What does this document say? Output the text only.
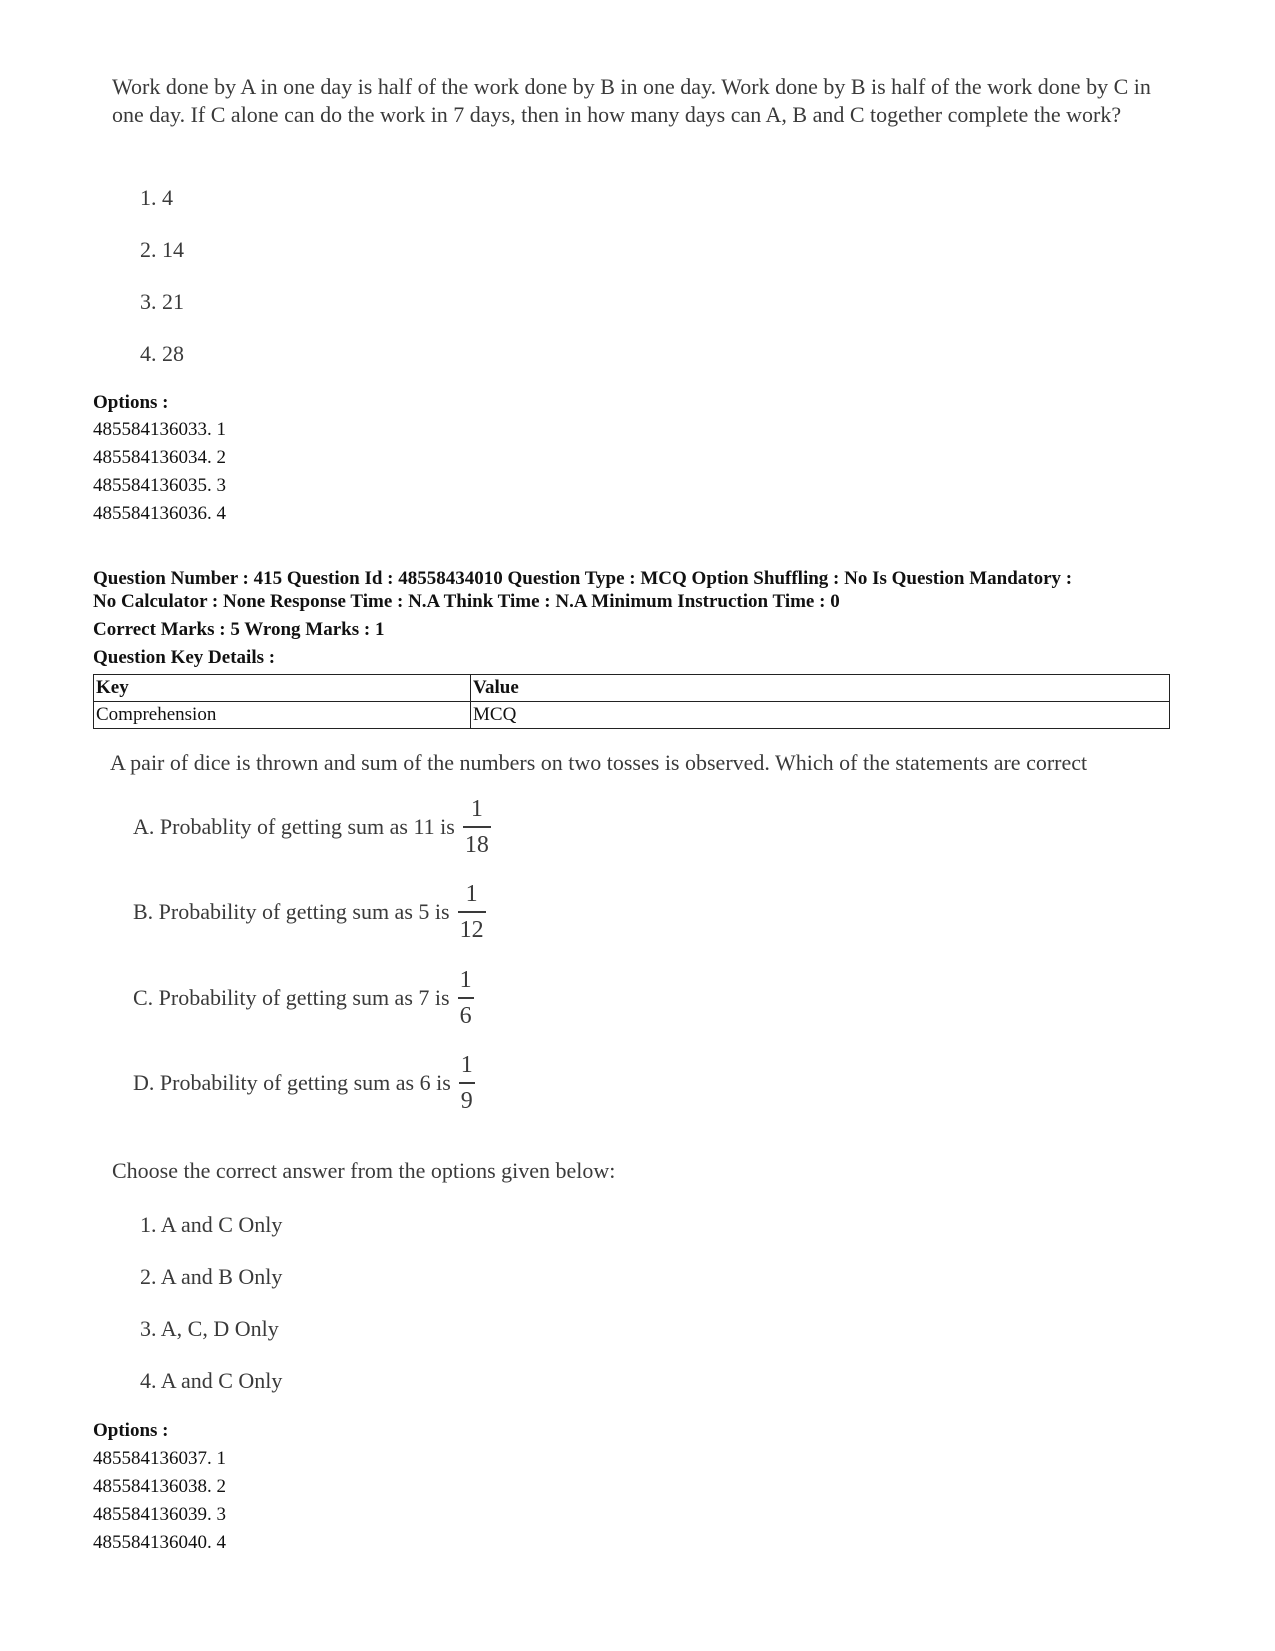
Work done by A in one day is half of the work done by B in one day. Work done by B is half of the work done by C in one day. If C alone can do the work in 7 days, then in how many days can A, B and C together complete the work?
1. 4
2. 14
3. 21
4. 28
Options :
485584136033. 1
485584136034. 2
485584136035. 3
485584136036. 4
Question Number : 415 Question Id : 48558434010 Question Type : MCQ Option Shuffling : No Is Question Mandatory :
No Calculator : None Response Time : N.A Think Time : N.A Minimum Instruction Time : 0
Correct Marks : 5 Wrong Marks : 1
Question Key Details :
Key	Value
Comprehension	MCQ
A pair of dice is thrown and sum of the numbers on two tosses is observed. Which of the statements are correct
A. Probablity of getting sum as 11 is $\frac{1}{18}$
B. Probability of getting sum as 5 is $\frac{1}{12}$
C. Probability of getting sum as 7 is $\frac{1}{6}$
D. Probability of getting sum as 6 is $\frac{1}{9}$
Choose the correct answer from the options given below:
1. A and C Only
2. A and B Only
3. A, C, D Only
4. A and C Only
Options :
485584136037. 1
485584136038. 2
485584136039. 3
485584136040. 4
